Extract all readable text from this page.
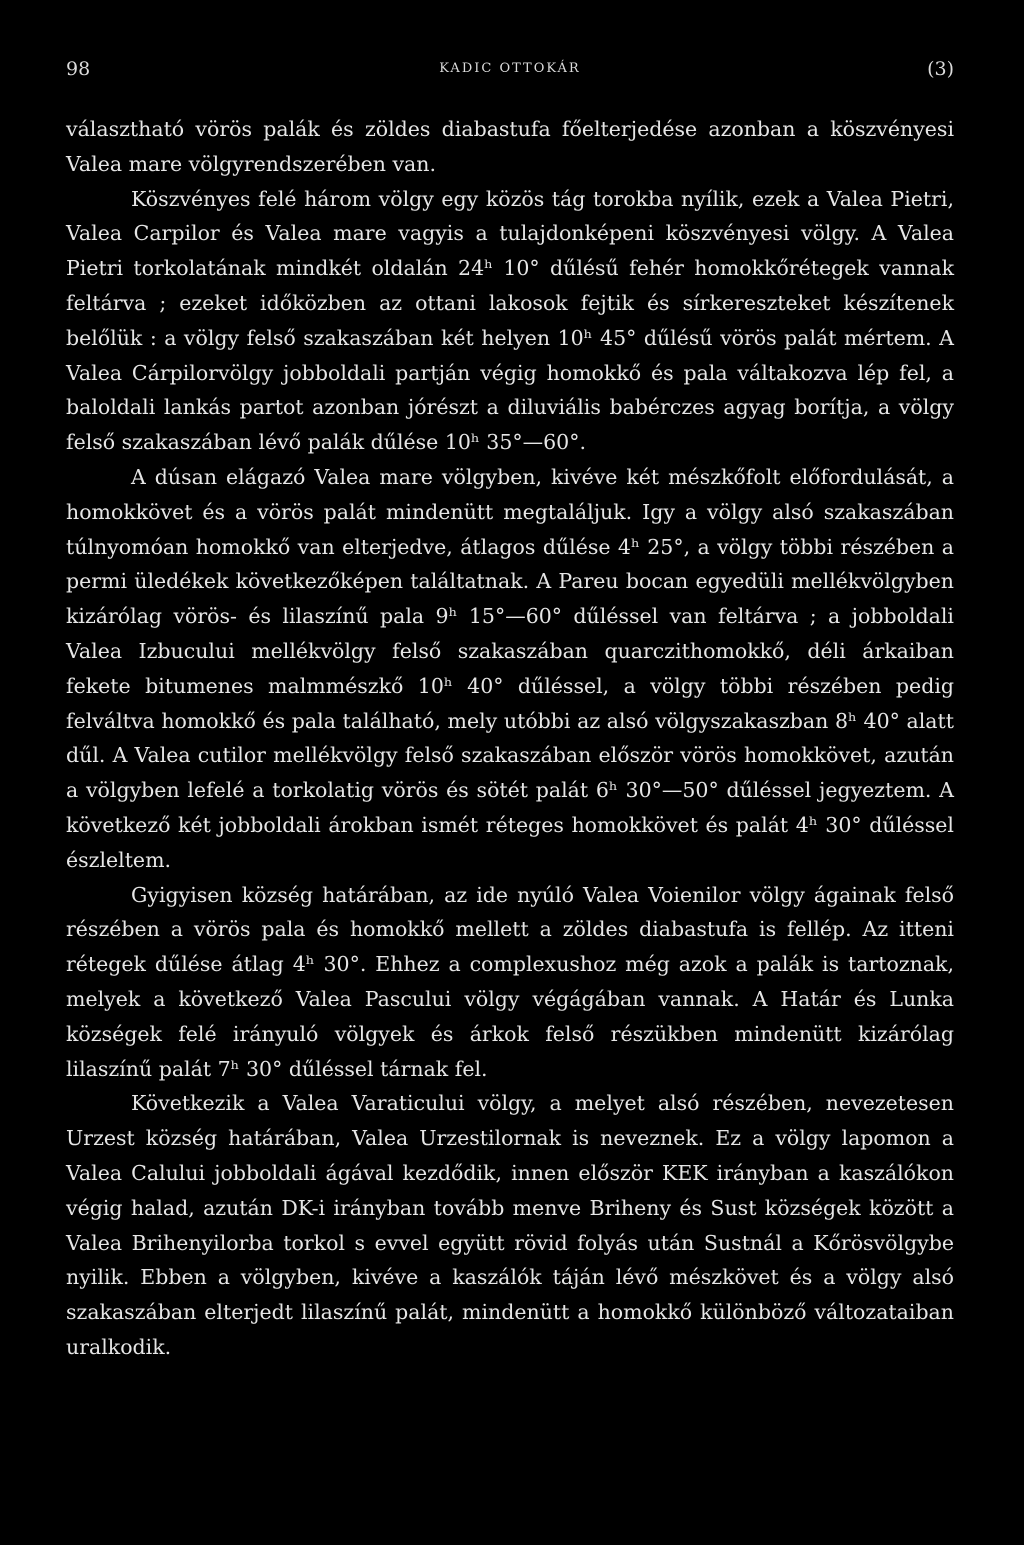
98	KADIC OTTOKÁR	(3)

választható vörös palák és zöldes diabastufa főelterjedése azonban a köszvényesi Valea mare völgyrendszerében van.

Köszvényes felé három völgy egy közös tág torokba nyílik, ezek a Valea Pietri, Valea Carpilor és Valea mare vagyis a tulajdonképeni köszvényesi völgy. A Valea Pietri torkolatának mindkét oldalán 24ʰ 10° dűlésű fehér homokkőrétegek vannak feltárva ; ezeket időközben az ottani lakosok fejtik és sírkereszteket készítenek belőlük : a völgy felső szakaszában két helyen 10ʰ 45° dűlésű vörös palát mértem. A Valea Cárpilorvölgy jobboldali partján végig homokkő és pala váltakozva lép fel, a baloldali lankás partot azonban jórészt a diluviális babérczes agyag borítja, a völgy felső szakaszában lévő palák dűlése 10ʰ 35°—60°.

A dúsan elágazó Valea mare völgyben, kivéve két mészkőfolt előfordulását, a homokkövet és a vörös palát mindenütt megtaláljuk. Igy a völgy alsó szakaszában túlnyomóan homokkő van elterjedve, átlagos dűlése 4ʰ 25°, a völgy többi részében a permi üledékek következőképen találtatnak. A Pareu bocan egyedüli mellékvölgyben kizárólag vörös- és lilaszínű pala 9ʰ 15°—60° dűléssel van feltárva ; a jobboldali Valea Izbucului mellékvölgy felső szakaszában quarczithomokkő, déli árkaiban fekete bitumenes malmmészkő 10ʰ 40° dűléssel, a völgy többi részében pedig felváltva homokkő és pala található, mely utóbbi az alsó völgyszakaszban 8ʰ 40° alatt dűl. A Valea cutilor mellékvölgy felső szakaszában először vörös homokkövet, azután a völgyben lefelé a torkolatig vörös és sötét palát 6ʰ 30°—50° dűléssel jegyeztem. A következő két jobboldali árokban ismét réteges homokkövet és palát 4ʰ 30° dűléssel észleltem.

Gyigyisen község határában, az ide nyúló Valea Voienilor völgy ágainak felső részében a vörös pala és homokkő mellett a zöldes diabastufa is fellép. Az itteni rétegek dűlése átlag 4ʰ 30°. Ehhez a complexushoz még azok a palák is tartoznak, melyek a következő Valea Pascului völgy végágában vannak. A Határ és Lunka községek felé irányuló völgyek és árkok felső részükben mindenütt kizárólag lilaszínű palát 7ʰ 30° dűléssel tárnak fel.

Következik a Valea Varaticului völgy, a melyet alsó részében, nevezetesen Urzest község határában, Valea Urzestilornak is neveznek. Ez a völgy lapomon a Valea Calului jobboldali ágával kezdődik, innen először KEK irányban a kaszálókon végig halad, azután DK-i irányban tovább menve Briheny és Sust községek között a Valea Brihenyilorba torkol s evvel együtt rövid folyás után Sustnál a Kőrösvölgybe nyilik. Ebben a völgyben, kivéve a kaszálók táján lévő mészkövet és a völgy alsó szakaszában elterjedt lilaszínű palát, mindenütt a homokkő különböző változataiban uralkodik.
